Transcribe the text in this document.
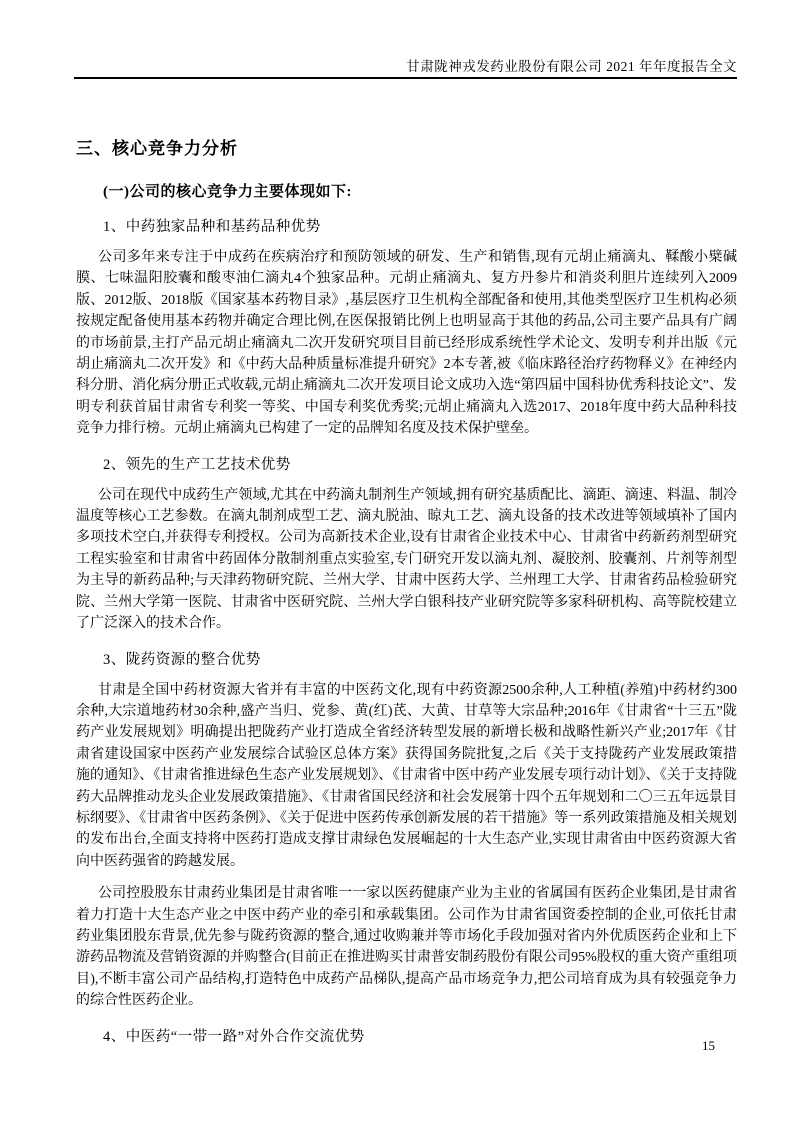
甘肃陇神戎发药业股份有限公司 2021 年年度报告全文
三、核心竞争力分析
(一)公司的核心竞争力主要体现如下:
1、中药独家品种和基药品种优势

公司多年来专注于中成药在疾病治疗和预防领域的研发、生产和销售,现有元胡止痛滴丸、鞣酸小檗碱膜、七味温阳胶囊和酸枣油仁滴丸4个独家品种。元胡止痛滴丸、复方丹参片和消炎利胆片连续列入2009版、2012版、2018版《国家基本药物目录》,基层医疗卫生机构全部配备和使用,其他类型医疗卫生机构必须按规定配备使用基本药物并确定合理比例,在医保报销比例上也明显高于其他的药品,公司主要产品具有广阔的市场前景,主打产品元胡止痛滴丸二次开发研究项目目前已经形成系统性学术论文、发明专利并出版《元胡止痛滴丸二次开发》和《中药大品种质量标准提升研究》2本专著,被《临床路径治疗药物释义》在神经内科分册、消化病分册正式收载,元胡止痛滴丸二次开发项目论文成功入选“第四届中国科协优秀科技论文”、发明专利获首届甘肃省专利奖一等奖、中国专利奖优秀奖;元胡止痛滴丸入选2017、2018年度中药大品种科技竞争力排行榜。元胡止痛滴丸已构建了一定的品牌知名度及技术保护壁垒。

2、领先的生产工艺技术优势

公司在现代中成药生产领域,尤其在中药滴丸制剂生产领域,拥有研究基质配比、滴距、滴速、料温、制冷温度等核心工艺参数。在滴丸制剂成型工艺、滴丸脱油、晾丸工艺、滴丸设备的技术改进等领域填补了国内多项技术空白,并获得专利授权。公司为高新技术企业,设有甘肃省企业技术中心、甘肃省中药新药剂型研究工程实验室和甘肃省中药固体分散制剂重点实验室,专门研究开发以滴丸剂、凝胶剂、胶囊剂、片剂等剂型为主导的新药品种;与天津药物研究院、兰州大学、甘肃中医药大学、兰州理工大学、甘肃省药品检验研究院、兰州大学第一医院、甘肃省中医研究院、兰州大学白银科技产业研究院等多家科研机构、高等院校建立了广泛深入的技术合作。

3、陇药资源的整合优势

甘肃是全国中药材资源大省并有丰富的中医药文化,现有中药资源2500余种,人工种植(养殖)中药材约300余种,大宗道地药材30余种,盛产当归、党参、黄(红)芪、大黄、甘草等大宗品种;2016年《甘肃省“十三五”陇药产业发展规划》明确提出把陇药产业打造成全省经济转型发展的新增长极和战略性新兴产业;2017年《甘肃省建设国家中医药产业发展综合试验区总体方案》获得国务院批复,之后《关于支持陇药产业发展政策措施的通知》、《甘肃省推进绿色生态产业发展规划》、《甘肃省中医中药产业发展专项行动计划》、《关于支持陇药大品牌推动龙头企业发展政策措施》、《甘肃省国民经济和社会发展第十四个五年规划和二〇三五年远景目标纲要》、《甘肃省中医药条例》、《关于促进中医药传承创新发展的若干措施》等一系列政策措施及相关规划的发布出台,全面支持将中医药打造成支撑甘肃绿色发展崛起的十大生态产业,实现甘肃省由中医药资源大省向中医药强省的跨越发展。

公司控股股东甘肃药业集团是甘肃省唯一一家以医药健康产业为主业的省属国有医药企业集团,是甘肃省着力打造十大生态产业之中医中药产业的牵引和承载集团。公司作为甘肃省国资委控制的企业,可依托甘肃药业集团股东背景,优先参与陇药资源的整合,通过收购兼并等市场化手段加强对省内外优质医药企业和上下游药品物流及营销资源的并购整合(目前正在推进购买甘肃普安制药股份有限公司95%股权的重大资产重组项目),不断丰富公司产品结构,打造特色中成药产品梯队,提高产品市场竞争力,把公司培育成为具有较强竞争力的综合性医药企业。

4、中医药“一带一路”对外合作交流优势
15
